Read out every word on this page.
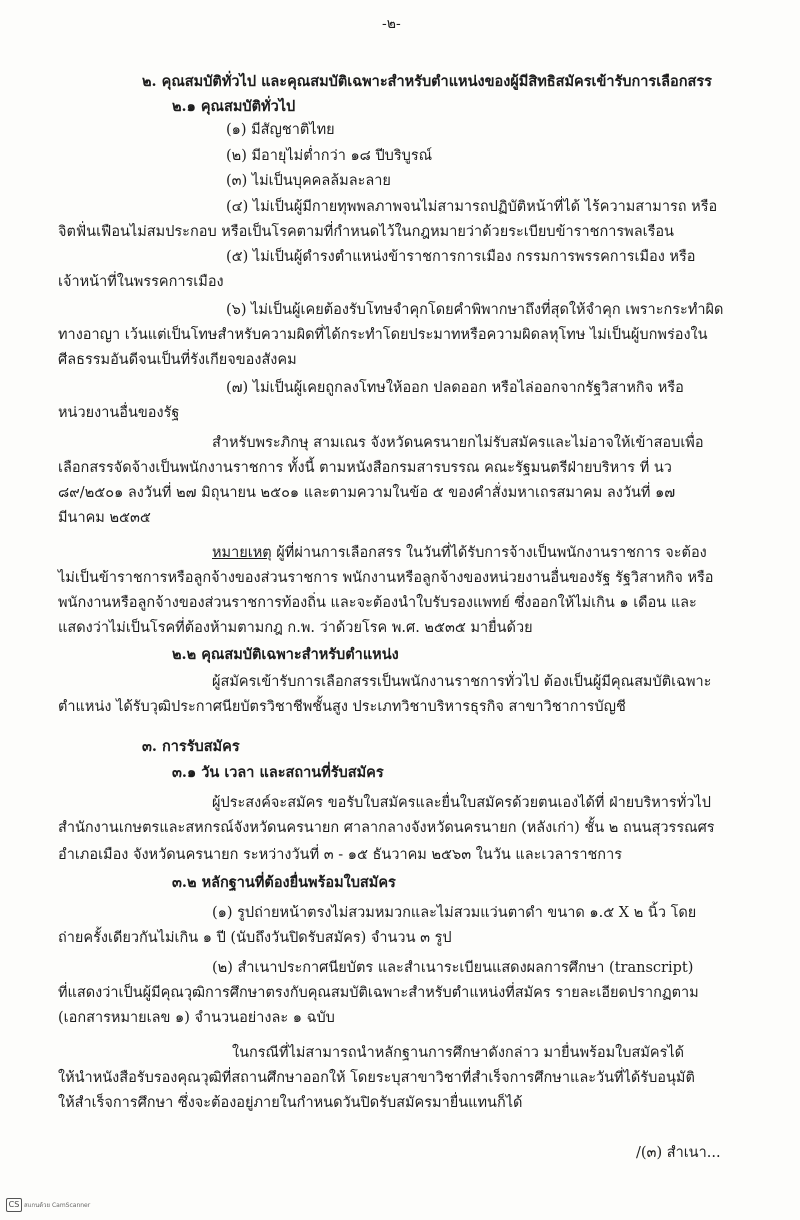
-๒-
๒. คุณสมบัติทั่วไป และคุณสมบัติเฉพาะสำหรับตำแหน่งของผู้มีสิทธิสมัครเข้ารับการเลือกสรร
๒.๑ คุณสมบัติทั่วไป
(๑) มีสัญชาติไทย
(๒) มีอายุไม่ต่ำกว่า ๑๘ ปีบริบูรณ์
(๓) ไม่เป็นบุคคลล้มละลาย
(๔) ไม่เป็นผู้มีกายทุพพลภาพจนไม่สามารถปฏิบัติหน้าที่ได้ ไร้ความสามารถ หรือ
จิตฟั่นเฟือนไม่สมประกอบ หรือเป็นโรคตามที่กำหนดไว้ในกฎหมายว่าด้วยระเบียบข้าราชการพลเรือน
(๕) ไม่เป็นผู้ดำรงตำแหน่งข้าราชการการเมือง กรรมการพรรคการเมือง หรือ
เจ้าหน้าที่ในพรรคการเมือง
(๖) ไม่เป็นผู้เคยต้องรับโทษจำคุกโดยคำพิพากษาถึงที่สุดให้จำคุก เพราะกระทำผิด
ทางอาญา เว้นแต่เป็นโทษสำหรับความผิดที่ได้กระทำโดยประมาทหรือความผิดลหุโทษ ไม่เป็นผู้บกพร่องใน
ศีลธรรมอันดีจนเป็นที่รังเกียจของสังคม
(๗) ไม่เป็นผู้เคยถูกลงโทษให้ออก ปลดออก หรือไล่ออกจากรัฐวิสาหกิจ หรือ
หน่วยงานอื่นของรัฐ
สำหรับพระภิกษุ สามเณร จังหวัดนครนายกไม่รับสมัครและไม่อาจให้เข้าสอบเพื่อ
เลือกสรรจัดจ้างเป็นพนักงานราชการ ทั้งนี้ ตามหนังสือกรมสารบรรณ คณะรัฐมนตรีฝ่ายบริหาร ที่ นว
๘๙/๒๕๐๑ ลงวันที่ ๒๗ มิถุนายน ๒๕๐๑ และตามความในข้อ ๕ ของคำสั่งมหาเถรสมาคม ลงวันที่ ๑๗
มีนาคม ๒๕๓๕
หมายเหตุ ผู้ที่ผ่านการเลือกสรร ในวันที่ได้รับการจ้างเป็นพนักงานราชการ จะต้อง
ไม่เป็นข้าราชการหรือลูกจ้างของส่วนราชการ พนักงานหรือลูกจ้างของหน่วยงานอื่นของรัฐ รัฐวิสาหกิจ หรือ
พนักงานหรือลูกจ้างของส่วนราชการท้องถิ่น และจะต้องนำใบรับรองแพทย์ ซึ่งออกให้ไม่เกิน ๑ เดือน และ
แสดงว่าไม่เป็นโรคที่ต้องห้ามตามกฎ ก.พ. ว่าด้วยโรค พ.ศ. ๒๕๓๕ มายื่นด้วย
๒.๒ คุณสมบัติเฉพาะสำหรับตำแหน่ง
ผู้สมัครเข้ารับการเลือกสรรเป็นพนักงานราชการทั่วไป ต้องเป็นผู้มีคุณสมบัติเฉพาะ
ตำแหน่ง ได้รับวุฒิประกาศนียบัตรวิชาชีพชั้นสูง ประเภทวิชาบริหารธุรกิจ สาขาวิชาการบัญชี
๓. การรับสมัคร
๓.๑ วัน เวลา และสถานที่รับสมัคร
ผู้ประสงค์จะสมัคร ขอรับใบสมัครและยื่นใบสมัครด้วยตนเองได้ที่ ฝ่ายบริหารทั่วไป
สำนักงานเกษตรและสหกรณ์จังหวัดนครนายก ศาลากลางจังหวัดนครนายก (หลังเก่า) ชั้น ๒ ถนนสุวรรณศร
อำเภอเมือง จังหวัดนครนายก ระหว่างวันที่ ๓ - ๑๕ ธันวาคม ๒๕๖๓ ในวัน และเวลาราชการ
๓.๒ หลักฐานที่ต้องยื่นพร้อมใบสมัคร
(๑) รูปถ่ายหน้าตรงไม่สวมหมวกและไม่สวมแว่นตาดำ ขนาด ๑.๕ X ๒ นิ้ว โดย
ถ่ายครั้งเดียวกันไม่เกิน ๑ ปี (นับถึงวันปิดรับสมัคร) จำนวน ๓ รูป
(๒) สำเนาประกาศนียบัตร และสำเนาระเบียนแสดงผลการศึกษา (transcript)
ที่แสดงว่าเป็นผู้มีคุณวุฒิการศึกษาตรงกับคุณสมบัติเฉพาะสำหรับตำแหน่งที่สมัคร รายละเอียดปรากฏตาม
(เอกสารหมายเลข ๑) จำนวนอย่างละ ๑ ฉบับ
ในกรณีที่ไม่สามารถนำหลักฐานการศึกษาดังกล่าว มายื่นพร้อมใบสมัครได้
ให้นำหนังสือรับรองคุณวุฒิที่สถานศึกษาออกให้ โดยระบุสาขาวิชาที่สำเร็จการศึกษาและวันที่ได้รับอนุมัติ
ให้สำเร็จการศึกษา ซึ่งจะต้องอยู่ภายในกำหนดวันปิดรับสมัครมายื่นแทนก็ได้
/(๓) สำเนา...
CS สแกนด้วย CamScanner
